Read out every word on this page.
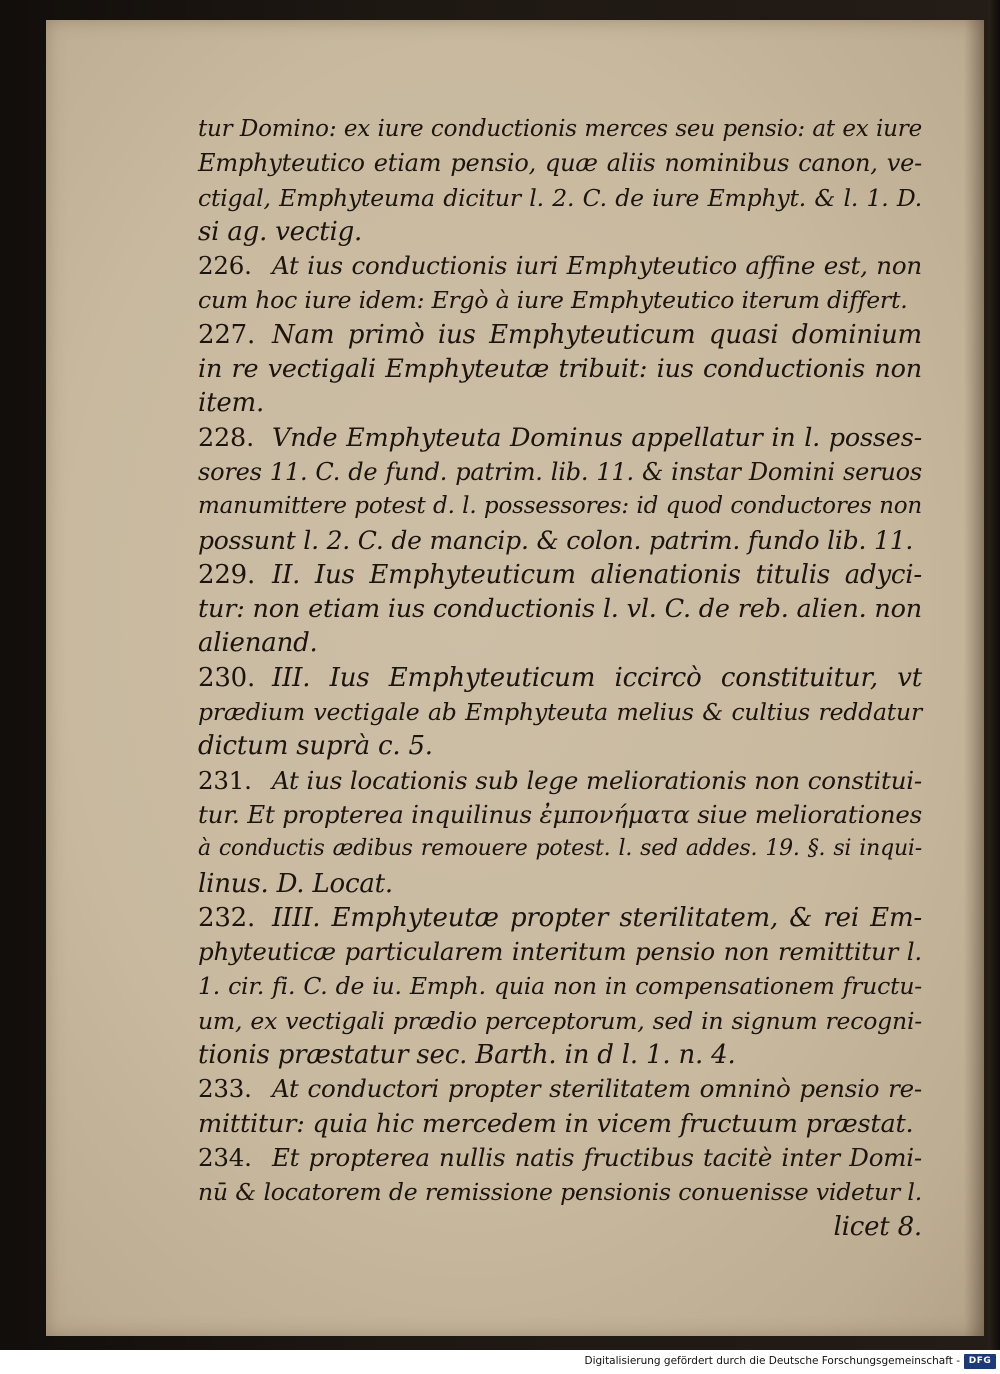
tur Domino: ex iure conductionis merces seu pensio: at ex iure
Emphyteutico etiam pensio, quæ aliis nominibus canon, ve-
ctigal, Emphyteuma dicitur l. 2. C. de iure Emphyt. & l. 1. D.
si ag. vectig.
226. At ius conductionis iuri Emphyteutico affine est, non
cum hoc iure idem: Ergò à iure Emphyteutico iterum differt.
227. Nam primò ius Emphyteuticum quasi dominium
in re vectigali Emphyteutæ tribuit: ius conductionis non
item.
228. Vnde Emphyteuta Dominus appellatur in l. posses-
sores 11. C. de fund. patrim. lib. 11. & instar Domini seruos
manumittere potest d. l. possessores: id quod conductores non
possunt l. 2. C. de mancip. & colon. patrim. fundo lib. 11.
229. II. Ius Emphyteuticum alienationis titulis adyci-
tur: non etiam ius conductionis l. vl. C. de reb. alien. non
alienand.
230. III. Ius Emphyteuticum iccircò constituitur, vt
prædium vectigale ab Emphyteuta melius & cultius reddatur
dictum suprà c. 5.
231. At ius locationis sub lege meliorationis non constitui-
tur. Et propterea inquilinus ἐμπονήματα siue meliorationes
à conductis ædibus remouere potest. l. sed addes. 19. §. si inqui-
linus. D. Locat.
232. IIII. Emphyteutæ propter sterilitatem, & rei Em-
phyteuticæ particularem interitum pensio non remittitur l.
1. cir. fi. C. de iu. Emph. quia non in compensationem fructu-
um, ex vectigali prædio perceptorum, sed in signum recogni-
tionis præstatur sec. Barth. in d l. 1. n. 4.
233. At conductori propter sterilitatem omninò pensio re-
mittitur: quia hic mercedem in vicem fructuum præstat.
234. Et propterea nullis natis fructibus tacitè inter Domi-
nū & locatorem de remissione pensionis conuenisse videtur l.
licet 8.
Digitalisierung gefördert durch die Deutsche Forschungsgemeinschaft - DFG
